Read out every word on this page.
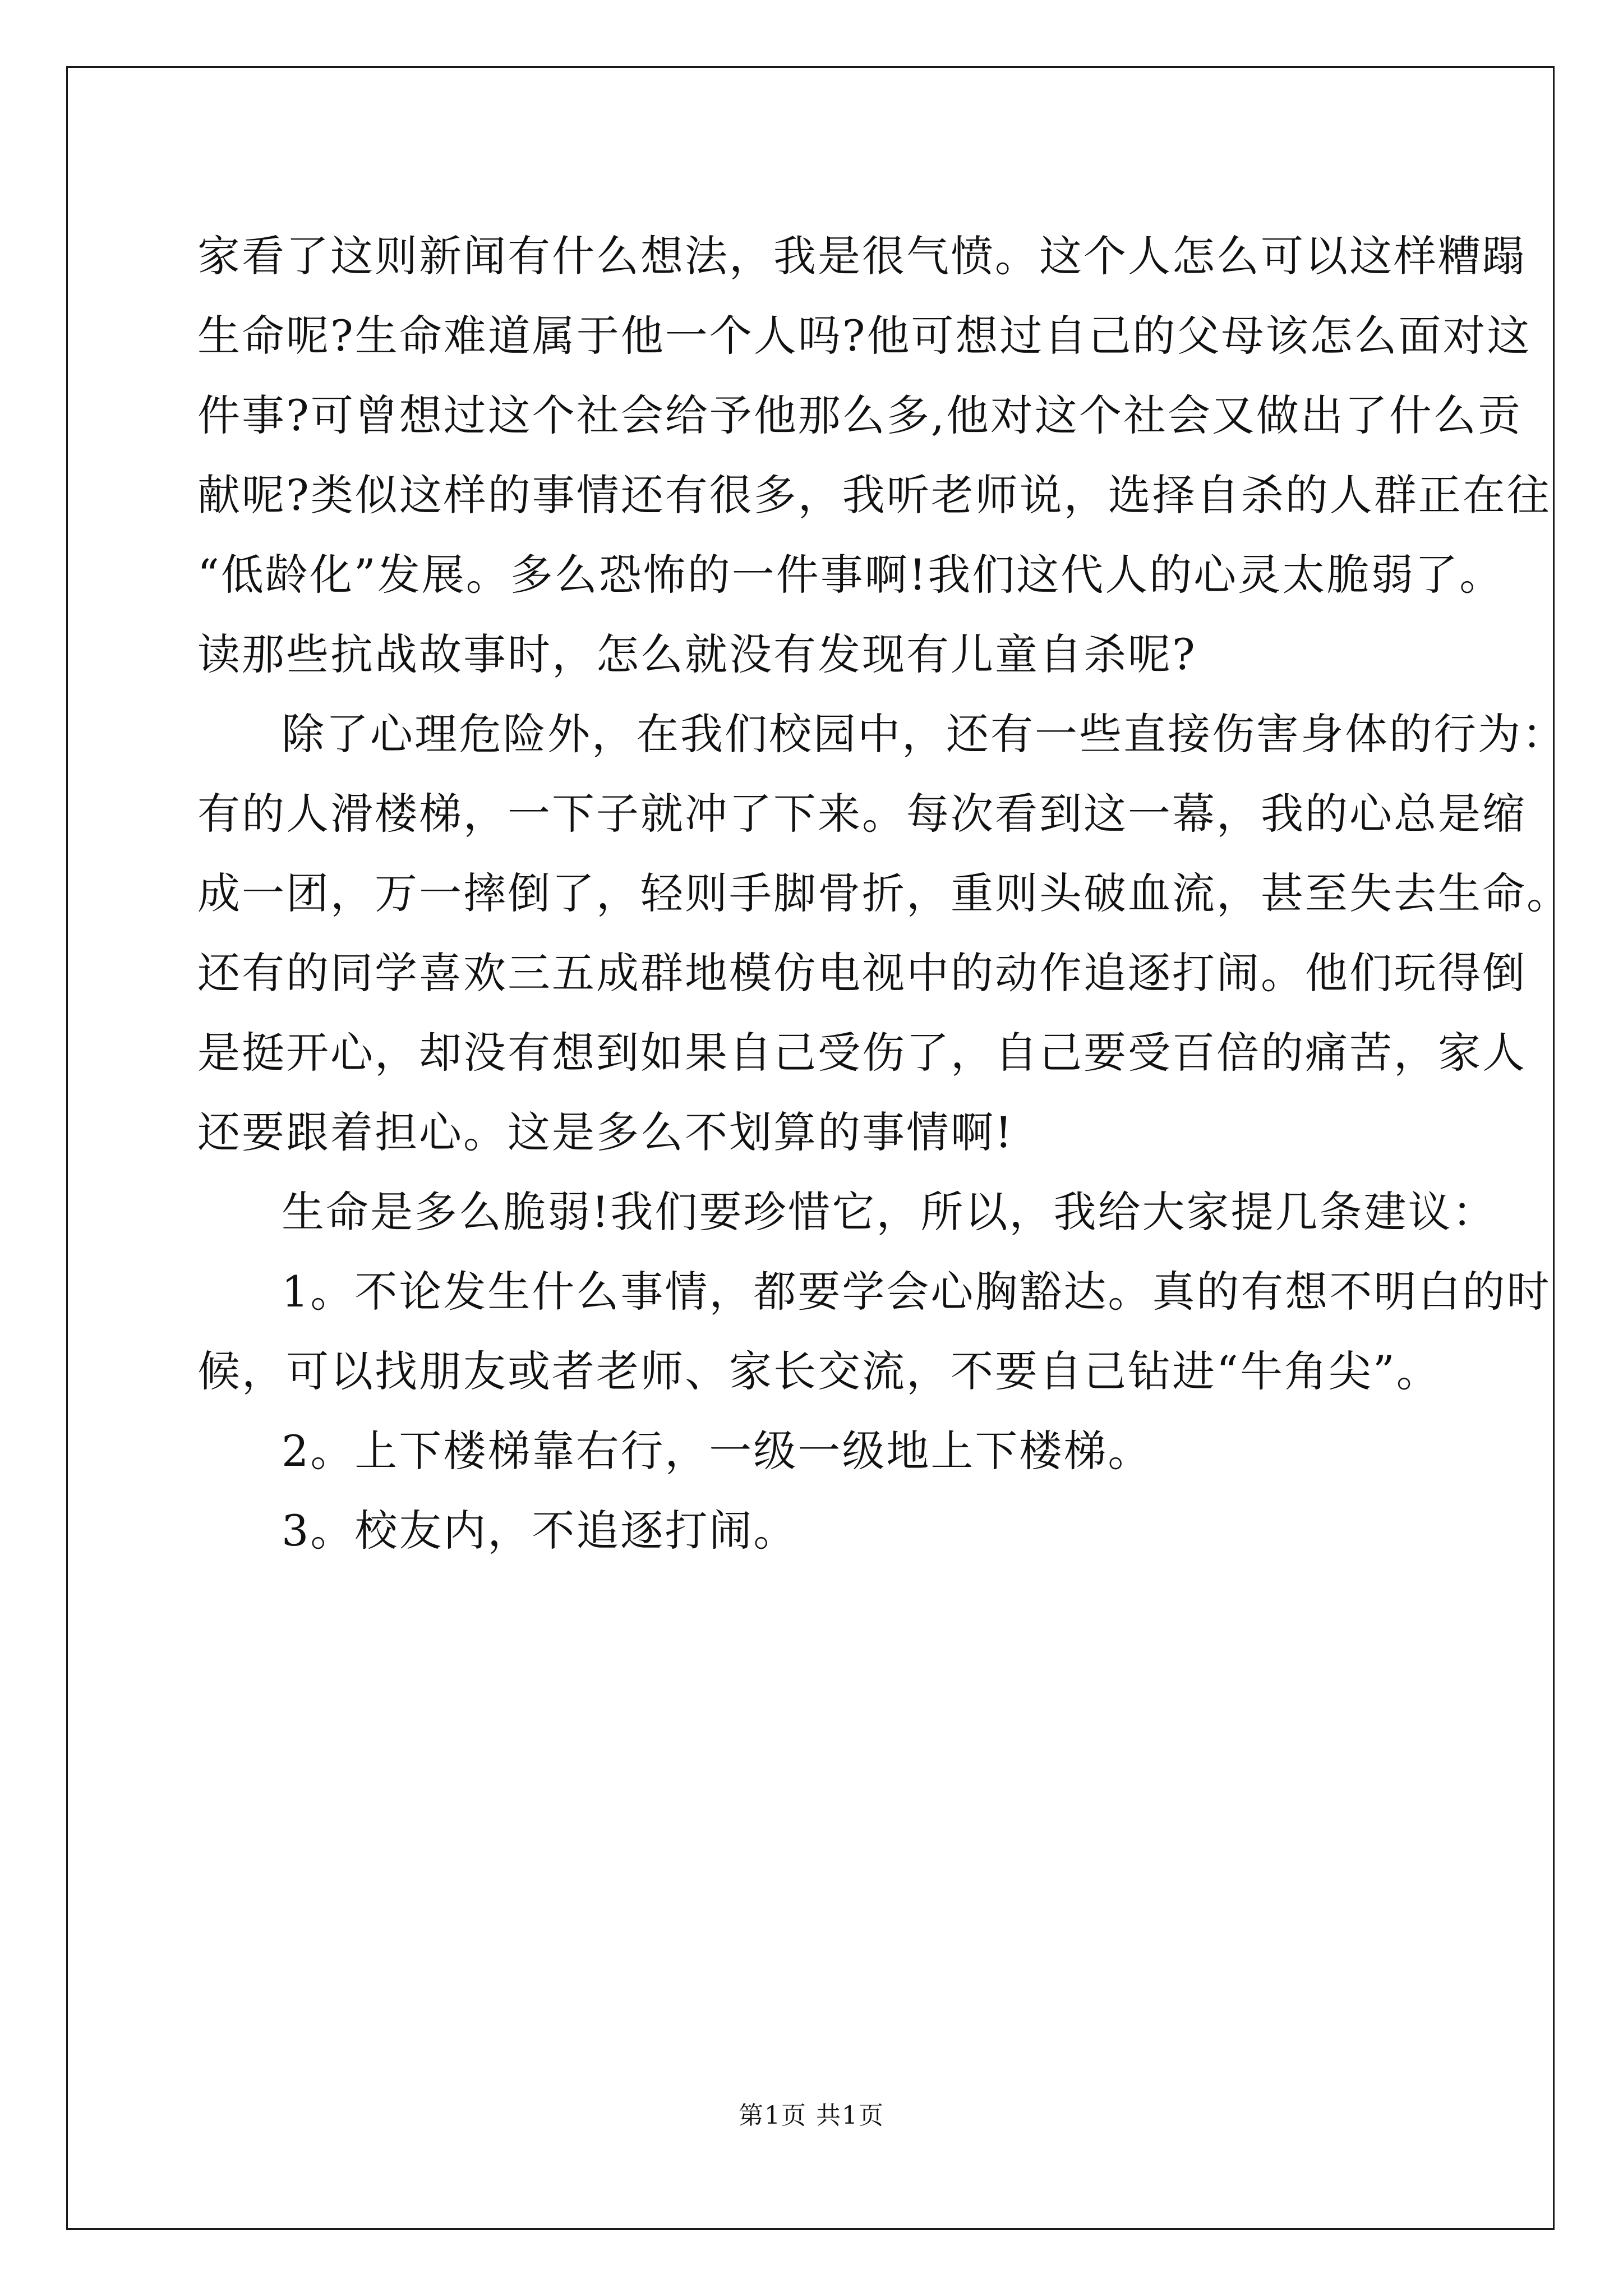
家看了这则新闻有什么想法，我是很气愤。这个人怎么可以这样糟蹋
生命呢?生命难道属于他一个人吗?他可想过自己的父母该怎么面对这
件事?可曾想过这个社会给予他那么多,他对这个社会又做出了什么贡
献呢?类似这样的事情还有很多，我听老师说，选择自杀的人群正在往
“低龄化”发展。多么恐怖的一件事啊!我们这代人的心灵太脆弱了。
读那些抗战故事时，怎么就没有发现有儿童自杀呢?
除了心理危险外，在我们校园中，还有一些直接伤害身体的行为：
有的人滑楼梯，一下子就冲了下来。每次看到这一幕，我的心总是缩
成一团，万一摔倒了，轻则手脚骨折，重则头破血流，甚至失去生命。
还有的同学喜欢三五成群地模仿电视中的动作追逐打闹。他们玩得倒
是挺开心，却没有想到如果自己受伤了，自己要受百倍的痛苦，家人
还要跟着担心。这是多么不划算的事情啊!
生命是多么脆弱!我们要珍惜它，所以，我给大家提几条建议：
1。不论发生什么事情，都要学会心胸豁达。真的有想不明白的时
候，可以找朋友或者老师、家长交流，不要自己钻进“牛角尖”。
2。上下楼梯靠右行，一级一级地上下楼梯。
3。校友内，不追逐打闹。
第1页 共1页
